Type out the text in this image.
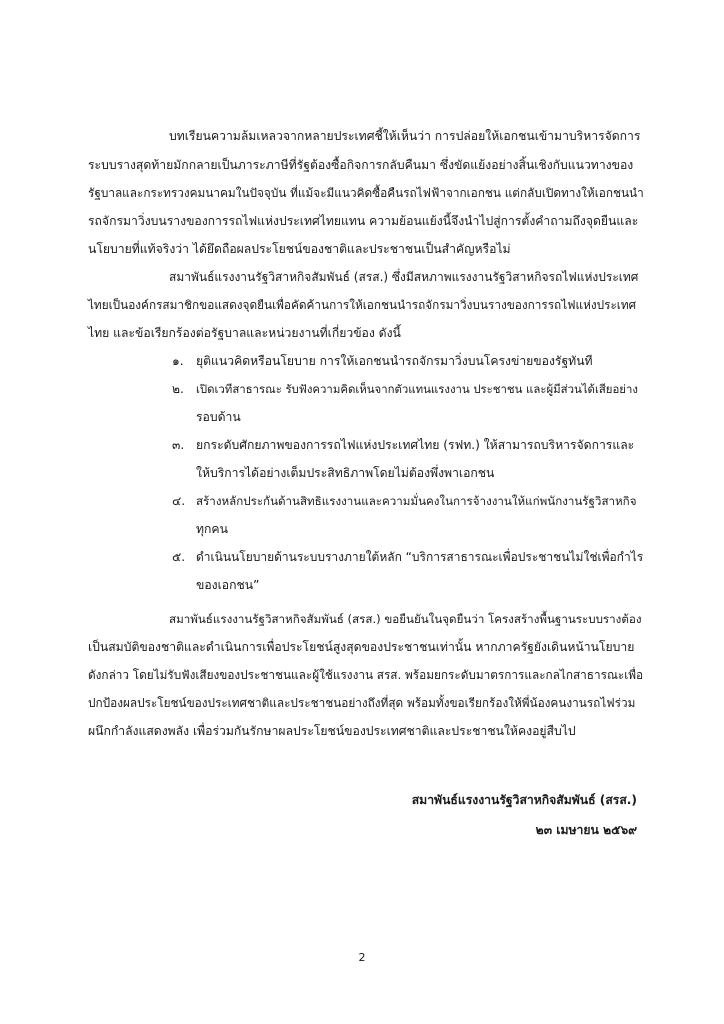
บทเรียนความล้มเหลวจากหลายประเทศชี้ให้เห็นว่า การปล่อยให้เอกชนเข้ามาบริหารจัดการ
ระบบรางสุดท้ายมักกลายเป็นภาระภาษีที่รัฐต้องซื้อกิจการกลับคืนมา ซึ่งขัดแย้งอย่างสิ้นเชิงกับแนวทางของ
รัฐบาลและกระทรวงคมนาคมในปัจจุบัน ที่แม้จะมีแนวคิดซื้อคืนรถไฟฟ้าจากเอกชน แต่กลับเปิดทางให้เอกชนนำ
รถจักรมาวิ่งบนรางของการรถไฟแห่งประเทศไทยแทน ความย้อนแย้งนี้จึงนำไปสู่การตั้งคำถามถึงจุดยืนและ
นโยบายที่แท้จริงว่า ได้ยึดถือผลประโยชน์ของชาติและประชาชนเป็นสำคัญหรือไม่
สมาพันธ์แรงงานรัฐวิสาหกิจสัมพันธ์ (สรส.) ซึ่งมีสหภาพแรงงานรัฐวิสาหกิจรถไฟแห่งประเทศ
ไทยเป็นองค์กรสมาชิกขอแสดงจุดยืนเพื่อคัดค้านการให้เอกชนนำรถจักรมาวิ่งบนรางของการรถไฟแห่งประเทศ
ไทย และข้อเรียกร้องต่อรัฐบาลและหน่วยงานที่เกี่ยวข้อง ดังนี้
๑. ยุติแนวคิดหรือนโยบาย การให้เอกชนนำรถจักรมาวิ่งบนโครงข่ายของรัฐทันที
๒. เปิดเวทีสาธารณะ รับฟังความคิดเห็นจากตัวแทนแรงงาน ประชาชน และผู้มีส่วนได้เสียอย่าง
รอบด้าน
๓. ยกระดับศักยภาพของการรถไฟแห่งประเทศไทย (รฟท.) ให้สามารถบริหารจัดการและ
ให้บริการได้อย่างเต็มประสิทธิภาพโดยไม่ต้องพึ่งพาเอกชน
๔. สร้างหลักประกันด้านสิทธิแรงงานและความมั่นคงในการจ้างงานให้แก่พนักงานรัฐวิสาหกิจ
ทุกคน
๕. ดำเนินนโยบายด้านระบบรางภายใต้หลัก “บริการสาธารณะเพื่อประชาชนไม่ใช่เพื่อกำไร
ของเอกชน”
สมาพันธ์แรงงานรัฐวิสาหกิจสัมพันธ์ (สรส.) ขอยืนยันในจุดยืนว่า โครงสร้างพื้นฐานระบบรางต้อง
เป็นสมบัติของชาติและดำเนินการเพื่อประโยชน์สูงสุดของประชาชนเท่านั้น หากภาครัฐยังเดินหน้านโยบาย
ดังกล่าว โดยไม่รับฟังเสียงของประชาชนและผู้ใช้แรงงาน สรส. พร้อมยกระดับมาตรการและกลไกสาธารณะเพื่อ
ปกป้องผลประโยชน์ของประเทศชาติและประชาชนอย่างถึงที่สุด พร้อมทั้งขอเรียกร้องให้พี่น้องคนงานรถไฟร่วม
ผนึกกำลังแสดงพลัง เพื่อร่วมกันรักษาผลประโยชน์ของประเทศชาติและประชาชนให้คงอยู่สืบไป
สมาพันธ์แรงงานรัฐวิสาหกิจสัมพันธ์ (สรส.)
๒๓ เมษายน ๒๕๖๙
2
